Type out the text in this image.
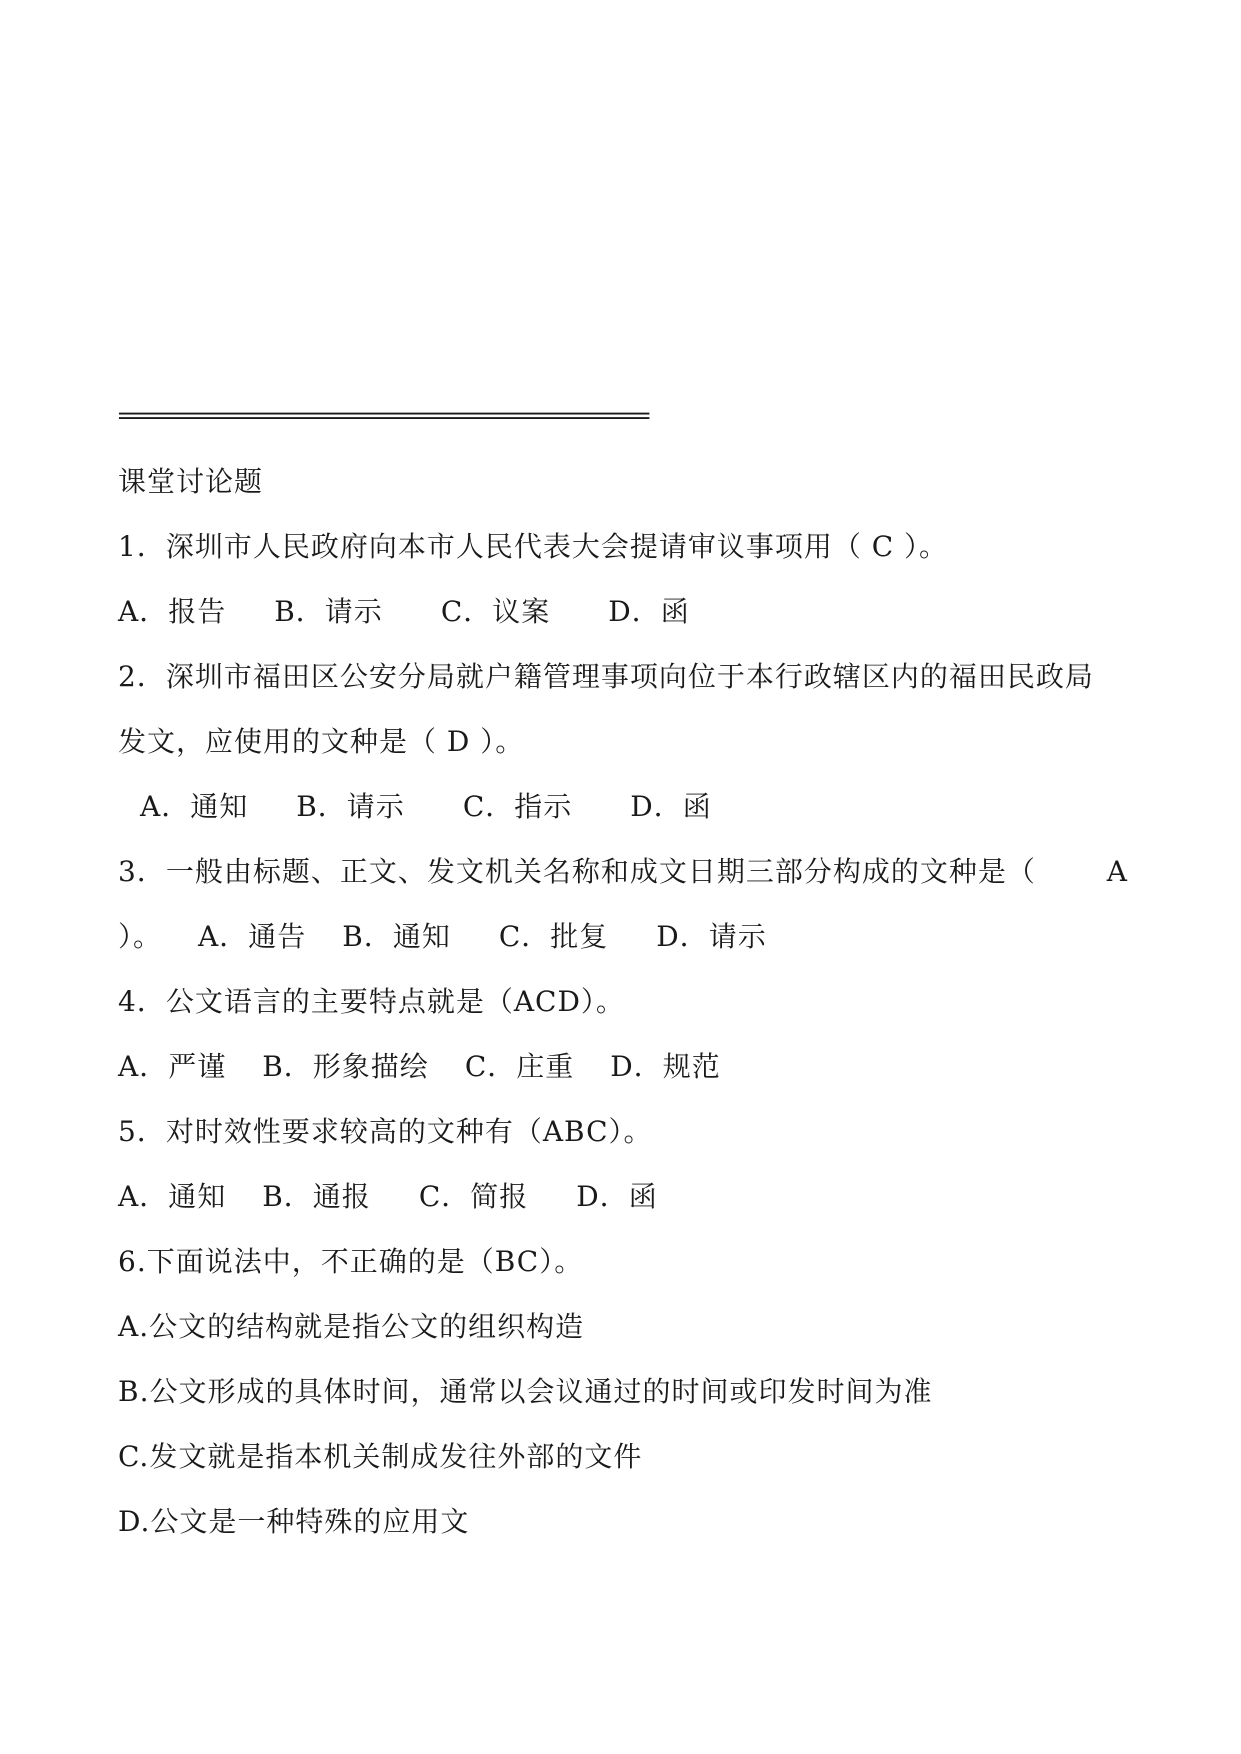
================================================
课堂讨论题
1．深圳市人民政府向本市人民代表大会提请审议事项用（ C ）。
A．报告 B．请示 C．议案 D．函
2．深圳市福田区公安分局就户籍管理事项向位于本行政辖区内的福田民政局
发文，应使用的文种是（ D ）。
A．通知 B．请示 C．指示 D．函
3．一般由标题、正文、发文机关名称和成文日期三部分构成的文种是（	A
）。 A．通告 B．通知 C．批复 D．请示
4．公文语言的主要特点就是（ACD）。
A．严谨 B．形象描绘 C．庄重 D．规范
5．对时效性要求较高的文种有（ABC）。
A．通知 B．通报 C．简报 D．函
6.下面说法中，不正确的是（BC）。
A.公文的结构就是指公文的组织构造
B.公文形成的具体时间，通常以会议通过的时间或印发时间为准
C.发文就是指本机关制成发往外部的文件
D.公文是一种特殊的应用文
